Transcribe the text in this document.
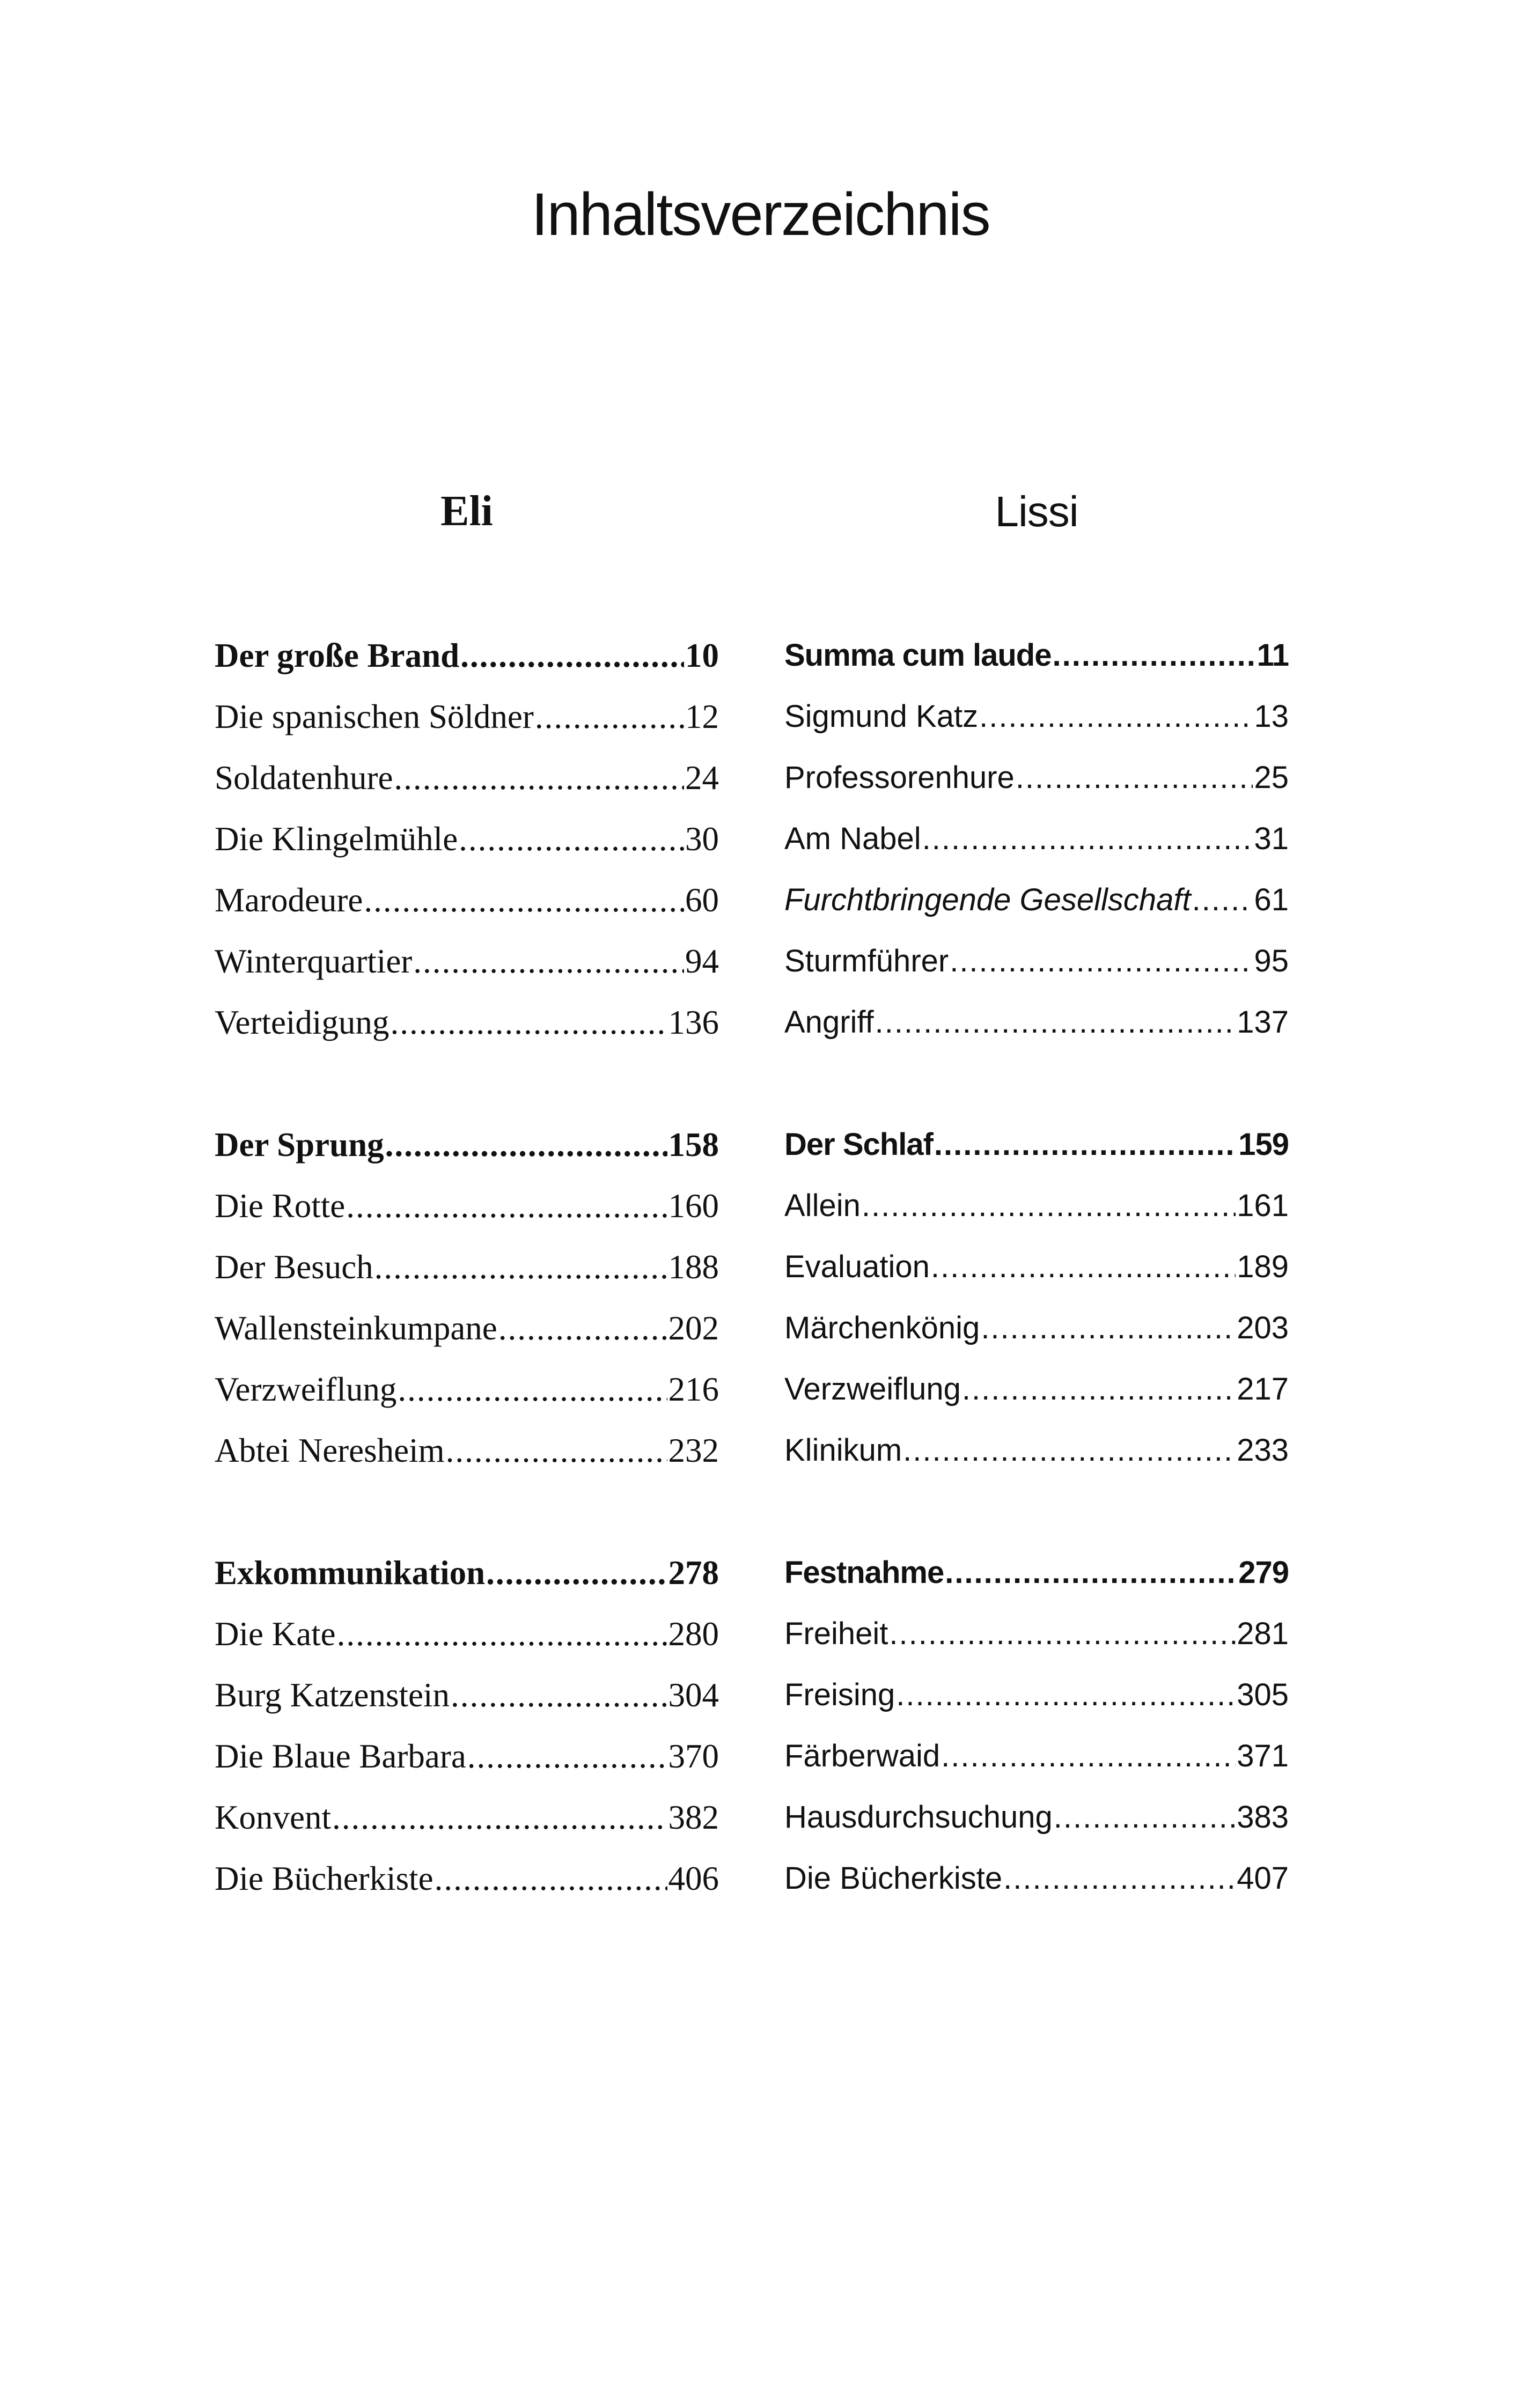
Inhaltsverzeichnis
Eli	Lissi
Der große Brand .....	10
Die spanischen Söldner .....	12
Soldatenhure .....	24
Die Klingelmühle .....	30
Marodeure .....	60
Winterquartier .....	94
Verteidigung .....	136
Der Sprung .....	158
Die Rotte .....	160
Der Besuch .....	188
Wallensteinkumpane .....	202
Verzweiflung .....	216
Abtei Neresheim .....	232
Exkommunikation .....	278
Die Kate .....	280
Burg Katzenstein .....	304
Die Blaue Barbara .....	370
Konvent .....	382
Die Bücherkiste .....	406
Summa cum laude .....	11
Sigmund Katz .....	13
Professorenhure .....	25
Am Nabel .....	31
Furchtbringende Gesellschaft ..... 61
Sturmführer .....	95
Angriff .....	137
Der Schlaf .....	159
Allein .....	161
Evaluation .....	189
Märchenkönig .....	203
Verzweiflung .....	217
Klinikum .....	233
Festnahme .....	279
Freiheit .....	281
Freising .....	305
Färberwaid .....	371
Hausdurchsuchung .....	383
Die Bücherkiste .....	407
